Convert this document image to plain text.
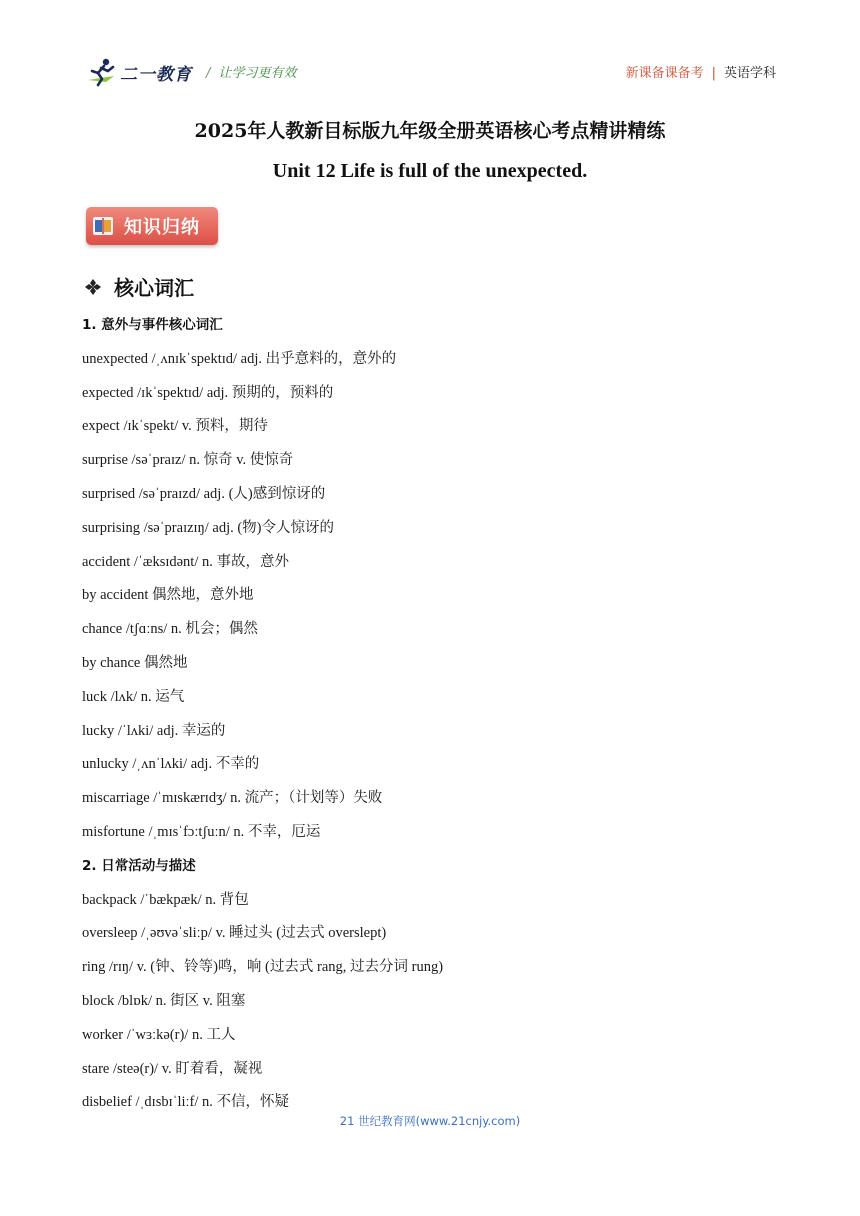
二一教育 / 让学习更有效	新课备课备考 | 英语学科
2025年人教新目标版九年级全册英语核心考点精讲精练
Unit 12 Life is full of the unexpected.
知识归纳
核心词汇
1. 意外与事件核心词汇
unexpected /ˌʌnɪkˈspektɪd/ adj. 出乎意料的，意外的
expected /ɪkˈspektɪd/ adj. 预期的，预料的
expect /ɪkˈspekt/ v. 预料，期待
surprise /səˈpraɪz/ n. 惊奇 v. 使惊奇
surprised /səˈpraɪzd/ adj. (人)感到惊讶的
surprising /səˈpraɪzɪŋ/ adj. (物)令人惊讶的
accident /ˈæksɪdənt/ n. 事故，意外
by accident 偶然地，意外地
chance /tʃɑːns/ n. 机会；偶然
by chance 偶然地
luck /lʌk/ n. 运气
lucky /ˈlʌki/ adj. 幸运的
unlucky /ˌʌnˈlʌki/ adj. 不幸的
miscarriage /ˈmɪskærɪdʒ/ n. 流产；（计划等）失败
misfortune /ˌmɪsˈfɔːtʃuːn/ n. 不幸，厄运
2. 日常活动与描述
backpack /ˈbækpæk/ n. 背包
oversleep /ˌəʊvəˈsliːp/ v. 睡过头 (过去式 overslept)
ring /rɪŋ/ v. (钟、铃等)鸣，响 (过去式 rang, 过去分词 rung)
block /blɒk/ n. 街区 v. 阻塞
worker /ˈwɜːkə(r)/ n. 工人
stare /steə(r)/ v. 盯着看，凝视
disbelief /ˌdɪsbɪˈliːf/ n. 不信，怀疑
21 世纪教育网(www.21cnjy.com)
